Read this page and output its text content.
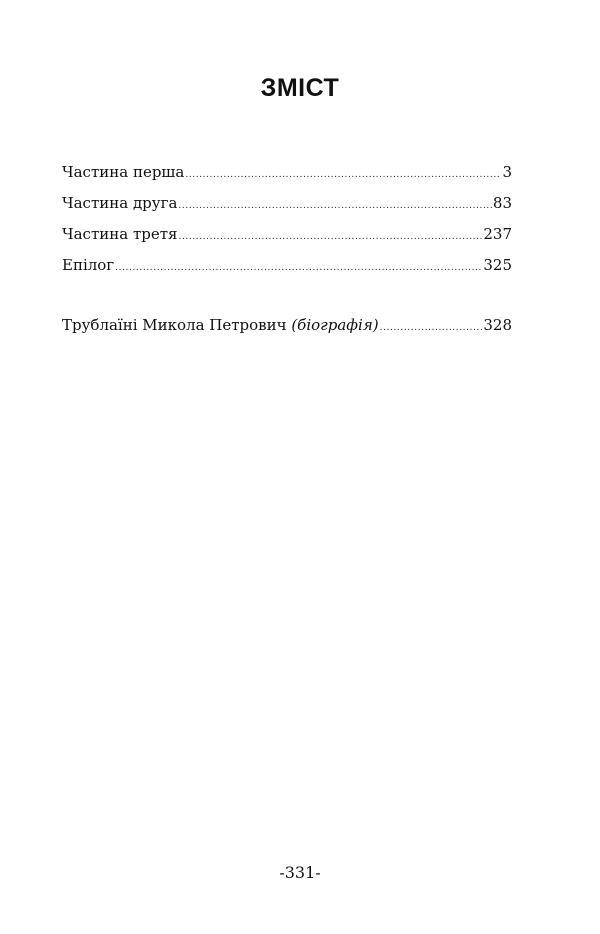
ЗМІСТ
Частина перша .....	3
Частина друга .....	83
Частина третя .....	237
Епілог .....	325
Трублаїні Микола Петрович (біографія) .....	328
-331-
